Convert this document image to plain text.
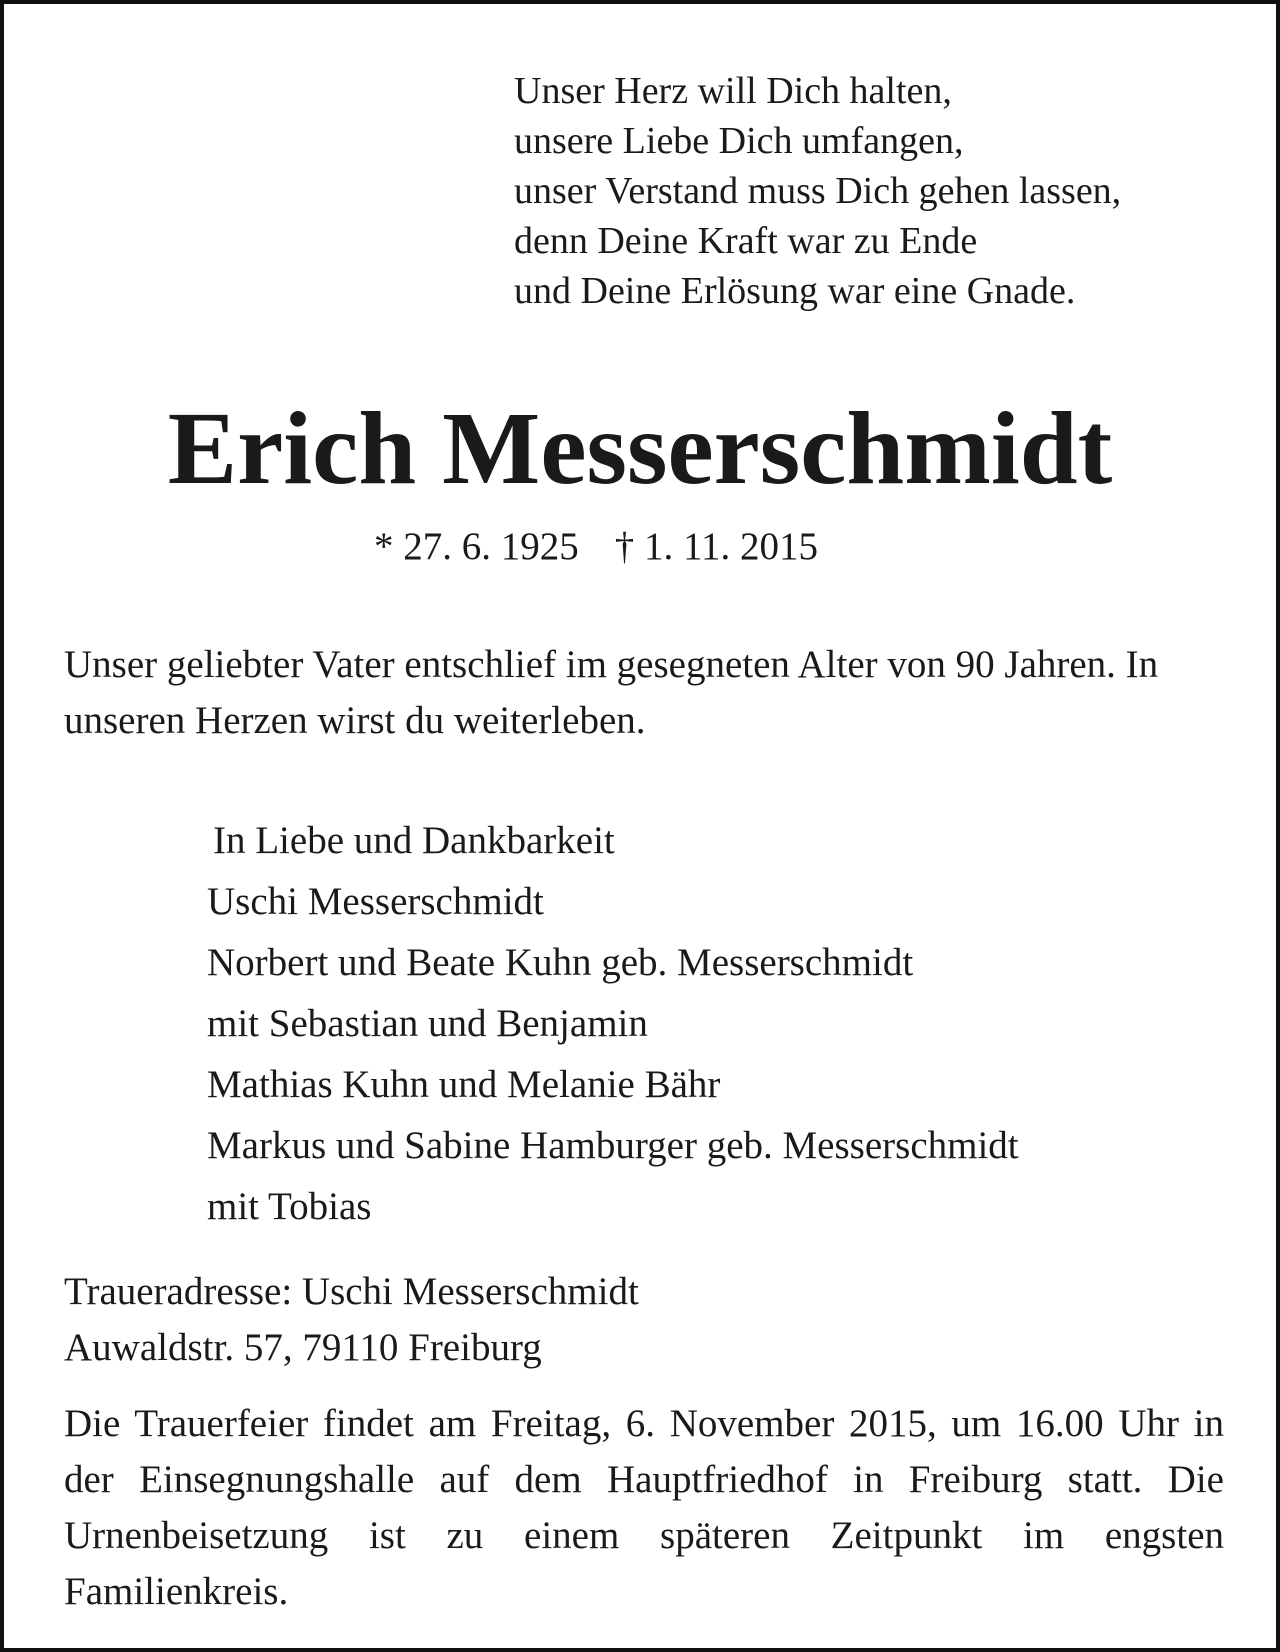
Unser Herz will Dich halten,
unsere Liebe Dich umfangen,
unser Verstand muss Dich gehen lassen,
denn Deine Kraft war zu Ende
und Deine Erlösung war eine Gnade.
Erich Messerschmidt
* 27. 6. 1925 † 1. 11. 2015
Unser geliebter Vater entschlief im gesegneten Alter von 90 Jahren. In unseren Herzen wirst du weiterleben.
In Liebe und Dankbarkeit
Uschi Messerschmidt
Norbert und Beate Kuhn geb. Messerschmidt
mit Sebastian und Benjamin
Mathias Kuhn und Melanie Bähr
Markus und Sabine Hamburger geb. Messerschmidt
mit Tobias
Traueradresse: Uschi Messerschmidt
Auwaldstr. 57, 79110 Freiburg
Die Trauerfeier findet am Freitag, 6. November 2015, um 16.00 Uhr in der Einsegnungshalle auf dem Hauptfriedhof in Freiburg statt. Die Urnenbeisetzung ist zu einem späteren Zeitpunkt im engsten Familienkreis.
